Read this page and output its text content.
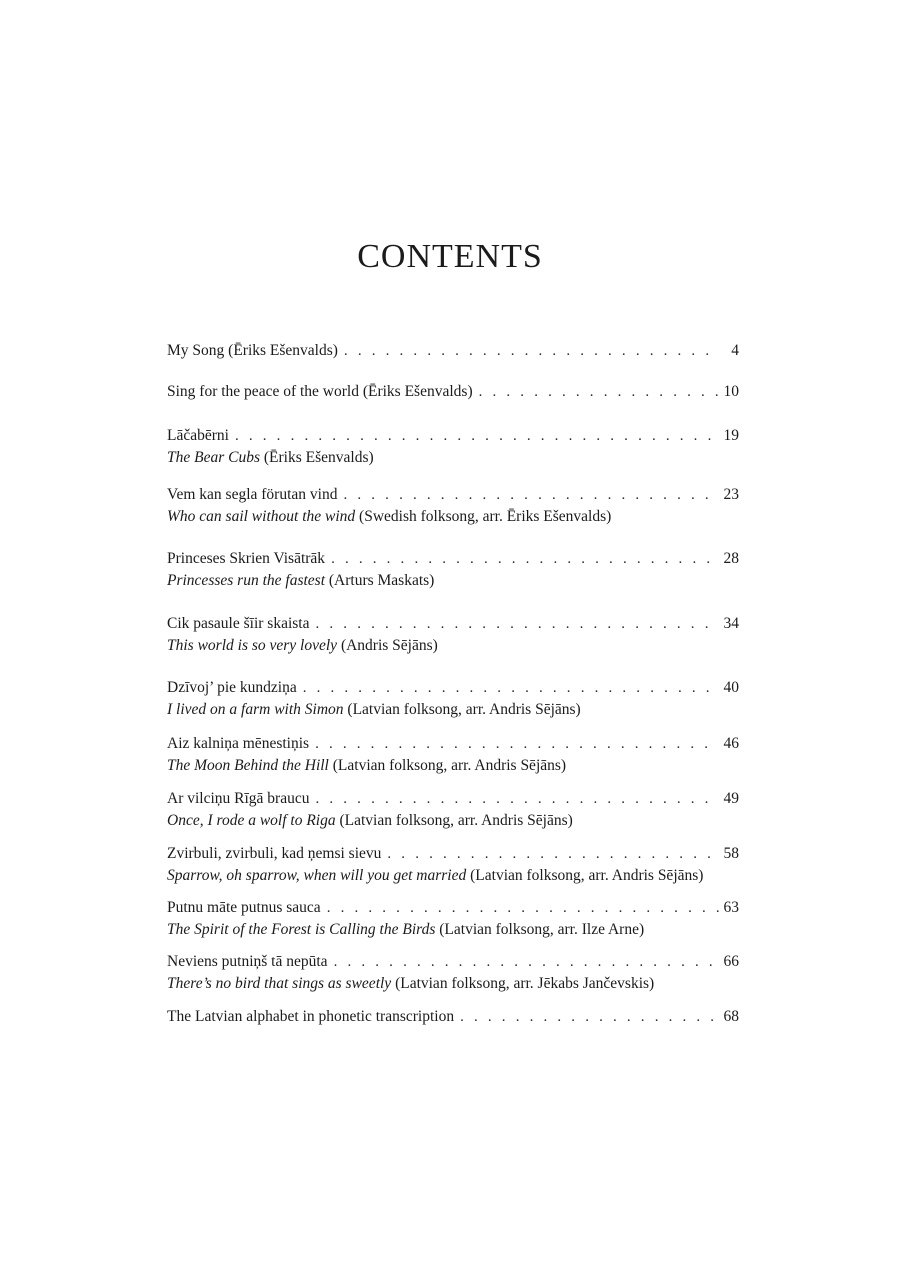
CONTENTS
My Song (Ēriks Ešenvalds) . . .	4
Sing for the peace of the world (Ēriks Ešenvalds) . . .	10
Lāčabērni . . .	19
The Bear Cubs (Ēriks Ešenvalds)
Vem kan segla förutan vind . . .	23
Who can sail without the wind (Swedish folksong, arr. Ēriks Ešenvalds)
Princeses Skrien Visātrāk . . .	28
Princesses run the fastest (Arturs Maskats)
Cik pasaule šīir skaista . . .	34
This world is so very lovely (Andris Sējāns)
Dzīvoj’ pie kundziņa . . .	40
I lived on a farm with Simon (Latvian folksong, arr. Andris Sējāns)
Aiz kalniņa mēnestiņis . . .	46
The Moon Behind the Hill (Latvian folksong, arr. Andris Sējāns)
Ar vilciņu Rīgā braucu . . .	49
Once, I rode a wolf to Riga (Latvian folksong, arr. Andris Sējāns)
Zvirbuli, zvirbuli, kad ņemsi sievu . . .	58
Sparrow, oh sparrow, when will you get married (Latvian folksong, arr. Andris Sējāns)
Putnu māte putnus sauca . . .	63
The Spirit of the Forest is Calling the Birds (Latvian folksong, arr. Ilze Arne)
Neviens putniņš tā nepūta . . .	66
There’s no bird that sings as sweetly (Latvian folksong, arr. Jēkabs Jančevskis)
The Latvian alphabet in phonetic transcription . . .	68
